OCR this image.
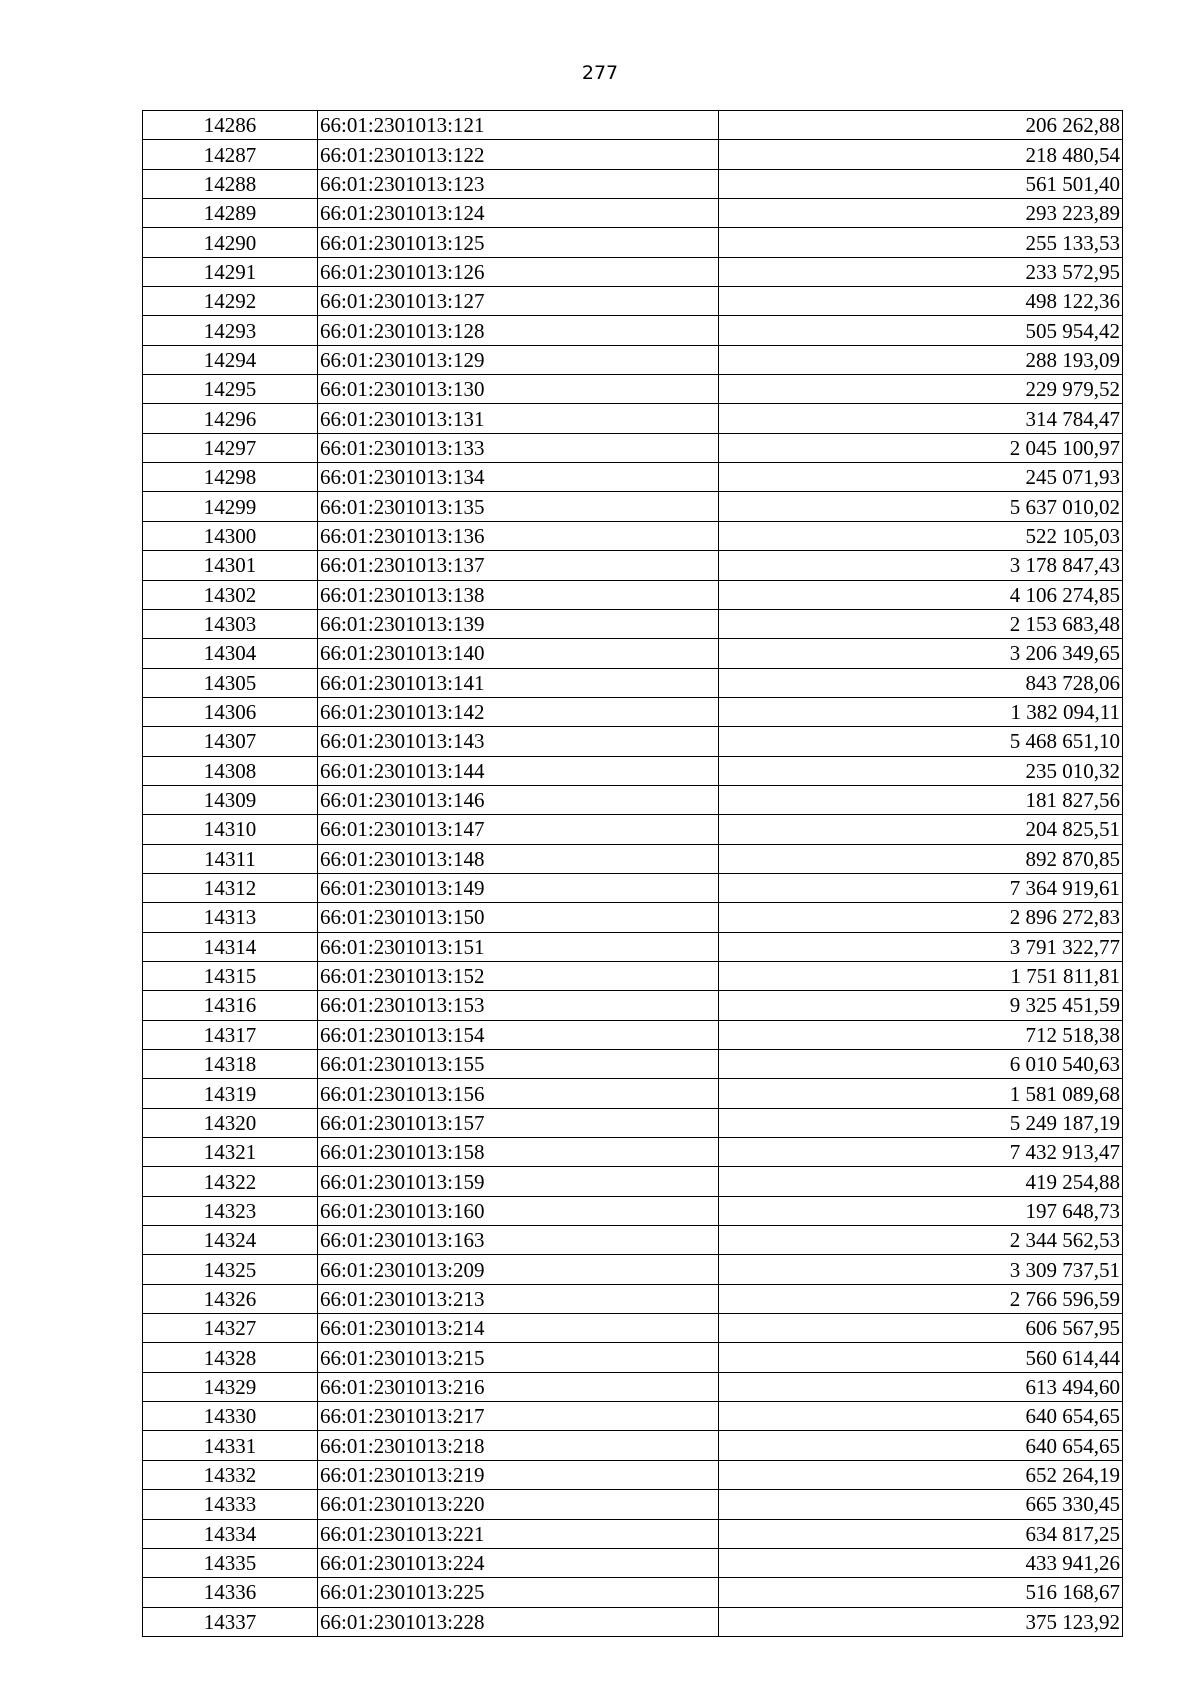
277
14286	66:01:2301013:121	206 262,88
14287	66:01:2301013:122	218 480,54
14288	66:01:2301013:123	561 501,40
14289	66:01:2301013:124	293 223,89
14290	66:01:2301013:125	255 133,53
14291	66:01:2301013:126	233 572,95
14292	66:01:2301013:127	498 122,36
14293	66:01:2301013:128	505 954,42
14294	66:01:2301013:129	288 193,09
14295	66:01:2301013:130	229 979,52
14296	66:01:2301013:131	314 784,47
14297	66:01:2301013:133	2 045 100,97
14298	66:01:2301013:134	245 071,93
14299	66:01:2301013:135	5 637 010,02
14300	66:01:2301013:136	522 105,03
14301	66:01:2301013:137	3 178 847,43
14302	66:01:2301013:138	4 106 274,85
14303	66:01:2301013:139	2 153 683,48
14304	66:01:2301013:140	3 206 349,65
14305	66:01:2301013:141	843 728,06
14306	66:01:2301013:142	1 382 094,11
14307	66:01:2301013:143	5 468 651,10
14308	66:01:2301013:144	235 010,32
14309	66:01:2301013:146	181 827,56
14310	66:01:2301013:147	204 825,51
14311	66:01:2301013:148	892 870,85
14312	66:01:2301013:149	7 364 919,61
14313	66:01:2301013:150	2 896 272,83
14314	66:01:2301013:151	3 791 322,77
14315	66:01:2301013:152	1 751 811,81
14316	66:01:2301013:153	9 325 451,59
14317	66:01:2301013:154	712 518,38
14318	66:01:2301013:155	6 010 540,63
14319	66:01:2301013:156	1 581 089,68
14320	66:01:2301013:157	5 249 187,19
14321	66:01:2301013:158	7 432 913,47
14322	66:01:2301013:159	419 254,88
14323	66:01:2301013:160	197 648,73
14324	66:01:2301013:163	2 344 562,53
14325	66:01:2301013:209	3 309 737,51
14326	66:01:2301013:213	2 766 596,59
14327	66:01:2301013:214	606 567,95
14328	66:01:2301013:215	560 614,44
14329	66:01:2301013:216	613 494,60
14330	66:01:2301013:217	640 654,65
14331	66:01:2301013:218	640 654,65
14332	66:01:2301013:219	652 264,19
14333	66:01:2301013:220	665 330,45
14334	66:01:2301013:221	634 817,25
14335	66:01:2301013:224	433 941,26
14336	66:01:2301013:225	516 168,67
14337	66:01:2301013:228	375 123,92
